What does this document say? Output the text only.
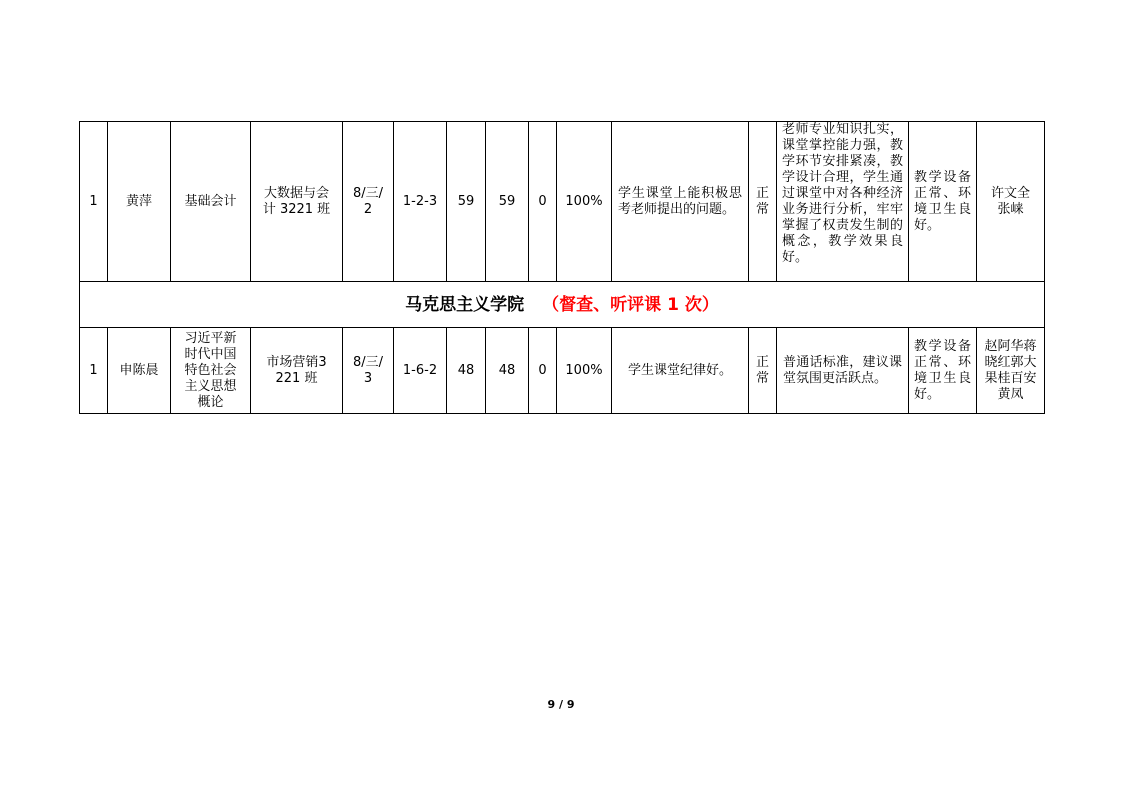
1	黄萍	基础会计	大数据与会计 3221 班	8/三/2	1-2-3	59	59	0	100%	学生课堂上能积极思考老师提出的问题。	正常	老师专业知识扎实，课堂掌控能力强，教学环节安排紧凑，教学设计合理，学生通过课堂中对各种经济业务进行分析，牢牢掌握了权责发生制的概念，教学效果良好。	教学设备正常、环境卫生良好。	许文全张崃
马克思主义学院 （督查、听评课 1 次）														
1	申陈晨	习近平新时代中国特色社会主义思想概论	市场营销3221 班	8/三/3	1-6-2	48	48	0	100%	学生课堂纪律好。	正常	普通话标准，建议课堂氛围更活跃点。	教学设备正常、环境卫生良好。	赵阿华蒋晓红郭大果桂百安黄凤
9 / 9
